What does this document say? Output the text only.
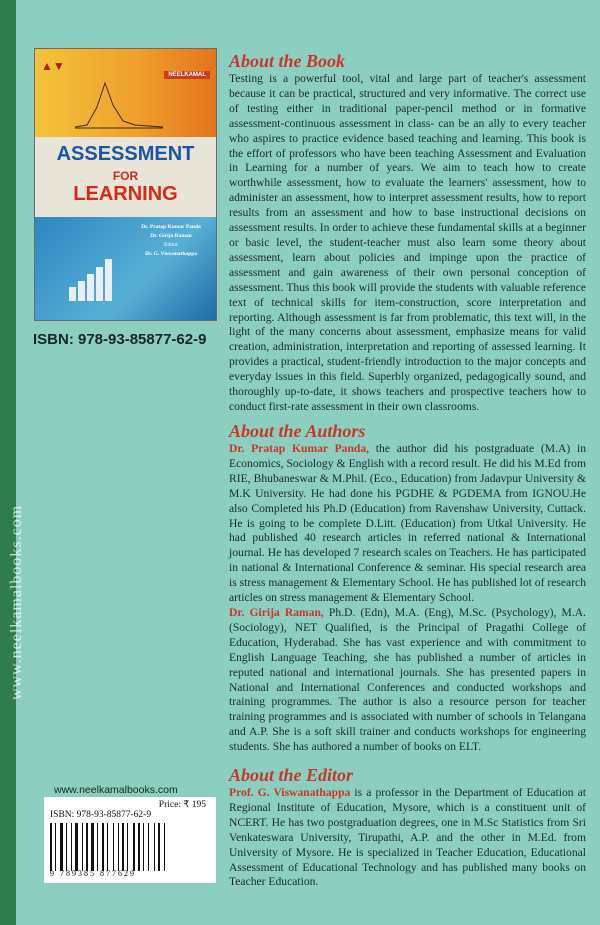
www.neelkamalbooks.com
▲▼
NEELKAMAL
ASSESSMENT
FOR
LEARNING
Dr. Pratap Kumar Panda
Dr. Girija Raman
Editor
Dr. G. Viswanathappa
ISBN: 978-93-85877-62-9
www.neelkamalbooks.com
Price: ₹ 195
ISBN: 978-93-85877-62-9
9 789385 877629
About the Book

Testing is a powerful tool, vital and large part of teacher's assessment because it can be practical, structured and very informative. The correct use of testing either in traditional paper-pencil method or in formative assessment-continuous assessment in class- can be an ally to every teacher who aspires to practice evidence based teaching and learning. This book is the effort of professors who have been teaching Assessment and Evaluation in Learning for a number of years. We aim to teach how to create worthwhile assessment, how to evaluate the learners' assessment, how to administer an assessment, how to interpret assessment results, how to report results from an assessment and how to base instructional decisions on assessment results. In order to achieve these fundamental skills at a beginner or basic level, the student-teacher must also learn some theory about assessment, learn about policies and impinge upon the practice of assessment and gain awareness of their own personal conception of assessment. Thus this book will provide the students with valuable reference text of technical skills for item-construction, score interpretation and reporting. Although assessment is far from problematic, this text will, in the light of the many concerns about assessment, emphasize means for valid creation, administration, interpretation and reporting of assessed learning. It provides a practical, student-friendly introduction to the major concepts and everyday issues in this field. Superbly organized, pedagogically sound, and thoroughly up-to-date, it shows teachers and prospective teachers how to conduct first-rate assessment in their own classrooms.

About the Authors

Dr. Pratap Kumar Panda, the author did his postgraduate (M.A) in Economics, Sociology & English with a record result. He did his M.Ed from RIE, Bhubaneswar & M.Phil. (Eco., Education) from Jadavpur University & M.K University. He had done his PGDHE & PGDEMA from IGNOU.He also Completed his Ph.D (Education) from Ravenshaw University, Cuttack. He is going to be complete D.Litt. (Education) from Utkal University. He had published 40 research articles in referred national & International journal. He has developed 7 research scales on Teachers. He has participated in national & International Conference & seminar. His special research area is stress management & Elementary School. He has published lot of research articles on stress management & Elementary School.

Dr. Girija Raman, Ph.D. (Edn), M.A. (Eng), M.Sc. (Psychology), M.A. (Sociology), NET Qualified, is the Principal of Pragathi College of Education, Hyderabad. She has vast experience and with commitment to English Language Teaching, she has published a number of articles in reputed national and international journals. She has presented papers in National and International Conferences and conducted workshops and training programmes. The author is also a resource person for teacher training programmes and is associated with number of schools in Telangana and A.P. She is a soft skill trainer and conducts workshops for engineering students. She has authored a number of books on ELT.

About the Editor

Prof. G. Viswanathappa is a professor in the Department of Education at Regional Institute of Education, Mysore, which is a constituent unit of NCERT. He has two postgraduation degrees, one in M.Sc Statistics from Sri Venkateswara University, Tirupathi, A.P. and the other in M.Ed. from University of Mysore. He is specialized in Teacher Education, Educational Assessment of Educational Technology and has published many books on Teacher Education.
